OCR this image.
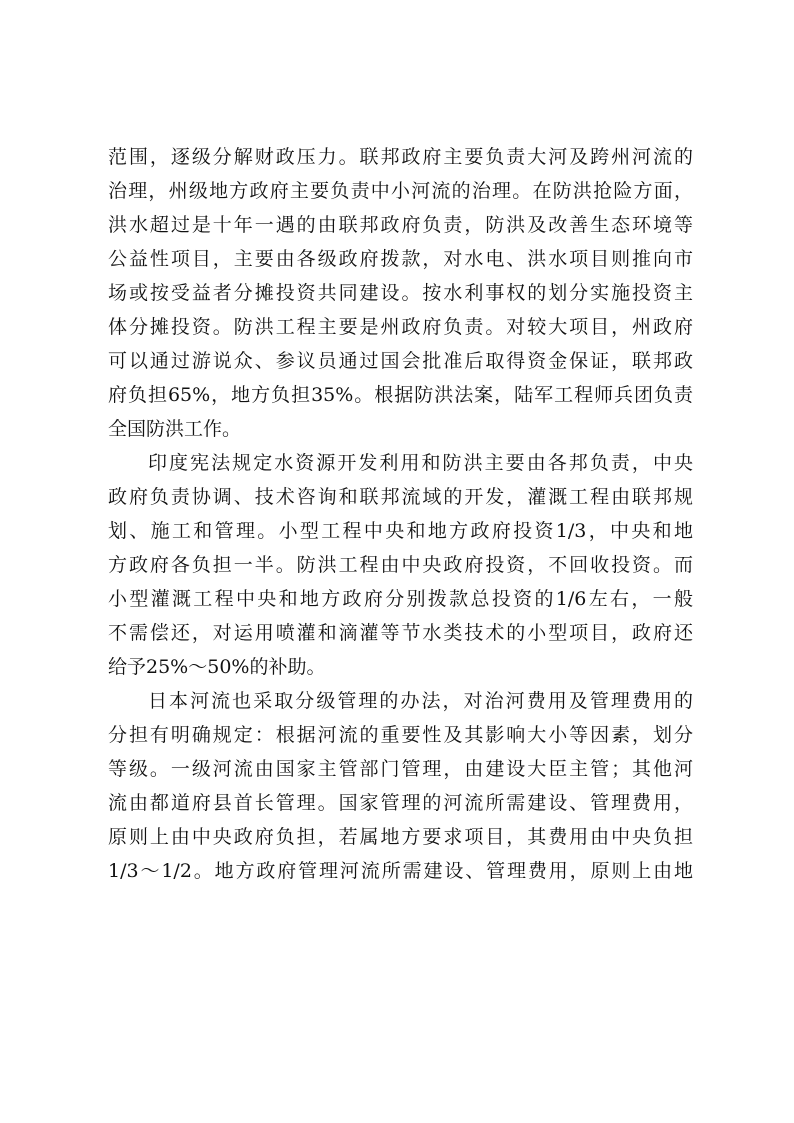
范围，逐级分解财政压力。联邦政府主要负责大河及跨州河流的
治理，州级地方政府主要负责中小河流的治理。在防洪抢险方面，
洪水超过是十年一遇的由联邦政府负责，防洪及改善生态环境等
公益性项目，主要由各级政府拨款，对水电、洪水项目则推向市
场或按受益者分摊投资共同建设。按水利事权的划分实施投资主
体分摊投资。防洪工程主要是州政府负责。对较大项目，州政府
可以通过游说众、参议员通过国会批准后取得资金保证，联邦政
府负担65%，地方负担35%。根据防洪法案，陆军工程师兵团负责
全国防洪工作。
印度宪法规定水资源开发利用和防洪主要由各邦负责，中央
政府负责协调、技术咨询和联邦流域的开发，灌溉工程由联邦规
划、施工和管理。小型工程中央和地方政府投资1/3，中央和地
方政府各负担一半。防洪工程由中央政府投资，不回收投资。而
小型灌溉工程中央和地方政府分别拨款总投资的1/6左右，一般
不需偿还，对运用喷灌和滴灌等节水类技术的小型项目，政府还
给予25%～50%的补助。
日本河流也采取分级管理的办法，对治河费用及管理费用的
分担有明确规定：根据河流的重要性及其影响大小等因素，划分
等级。一级河流由国家主管部门管理，由建设大臣主管；其他河
流由都道府县首长管理。国家管理的河流所需建设、管理费用，
原则上由中央政府负担，若属地方要求项目，其费用由中央负担
1/3～1/2。地方政府管理河流所需建设、管理费用，原则上由地
